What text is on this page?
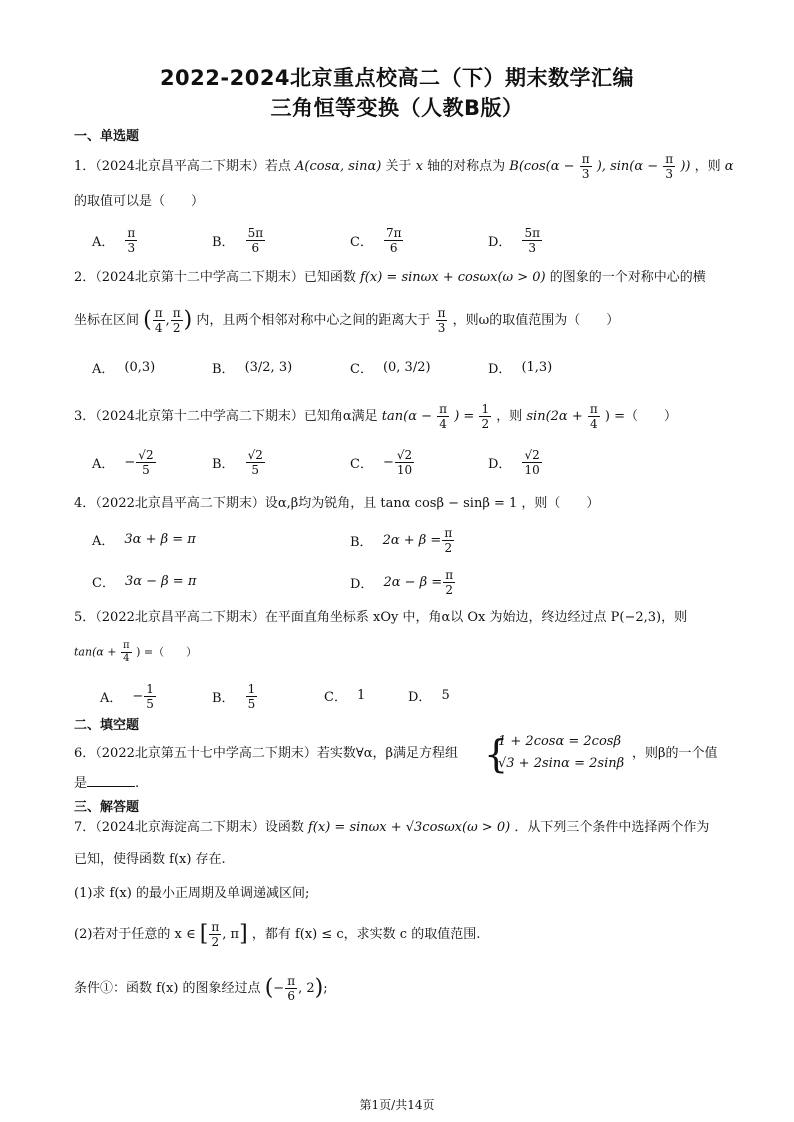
2022-2024北京重点校高二（下）期末数学汇编
三角恒等变换（人教B版）
一、单选题
1．（2024北京昌平高二下期末）若点 A(cosα, sinα) 关于 x 轴的对称点为 $B(\cos(\alpha - \frac{\pi}{3}$ ), $\sin(\alpha - \frac{\pi}{3}$ )) ，则 α
的取值可以是（　　）
A． $\frac{\pi}{3}$	B． $\frac{5\pi}{6}$	C． $\frac{7\pi}{6}$	D． $\frac{5\pi}{3}$
2．（2024北京第十二中学高二下期末）已知函数 f(x) = sinωx + cosωx(ω > 0) 的图象的一个对称中心的横
坐标在区间 ( $\frac{\pi}{4}$ , $\frac{\pi}{2}$ ) 内，且两个相邻对称中心之间的距离大于 $\frac{\pi}{3}$ ，则ω的取值范围为（　　）
A． (0,3)	B． (3/2, 3)	C． (0, 3/2)	D． (1,3)
3．（2024北京第十二中学高二下期末）已知角α满足 $\tan(\alpha - \frac{\pi}{4}$ ) = $\frac{1}{2}$ ，则 $\sin(2\alpha + \frac{\pi}{4}$ ) =（　　）
A． − $\frac{√2}{5}$	B． $\frac{√2}{5}$	C． − $\frac{√2}{10}$	D． $\frac{√2}{10}$
4．（2022北京昌平高二下期末）设α,β均为锐角，且 tanα cosβ − sinβ = 1 ，则（　　）
A． 3α + β = π	B． $2\alpha + \beta = \frac{\pi}{2}$
C． 3α − β = π	D． $2\alpha - \beta = \frac{\pi}{2}$
5．（2022北京昌平高二下期末）在平面直角坐标系 xOy 中，角α以 Ox 为始边，终边经过点 P(−2,3)，则
$\tan(\alpha + \frac{\pi}{4}$ ) =（　　）
A． − $\frac{1}{5}$	B． $\frac{1}{5}$	C． 1	D． 5
二、填空题
6．（2022北京第五十七中学高二下期末）若实数∀α，β满足方程组 {
1 + 2cosα = 2cosβ
√3 + 2sinα = 2sinβ
，则β的一个值
是	.
三、解答题
7．（2024北京海淀高二下期末）设函数 f(x) = sinωx + √3cosωx(ω > 0) ．从下列三个条件中选择两个作为
已知，使得函数 f(x) 存在.
(1)求 f(x) 的最小正周期及单调递减区间;
(2)若对于任意的 x ∈ [ $\frac{\pi}{2}$ , π] ，都有 f(x) ≤ c，求实数 c 的取值范围.
条件①：函数 f(x) 的图象经过点 (− $\frac{\pi}{6}$ , 2);
第1页/共14页
